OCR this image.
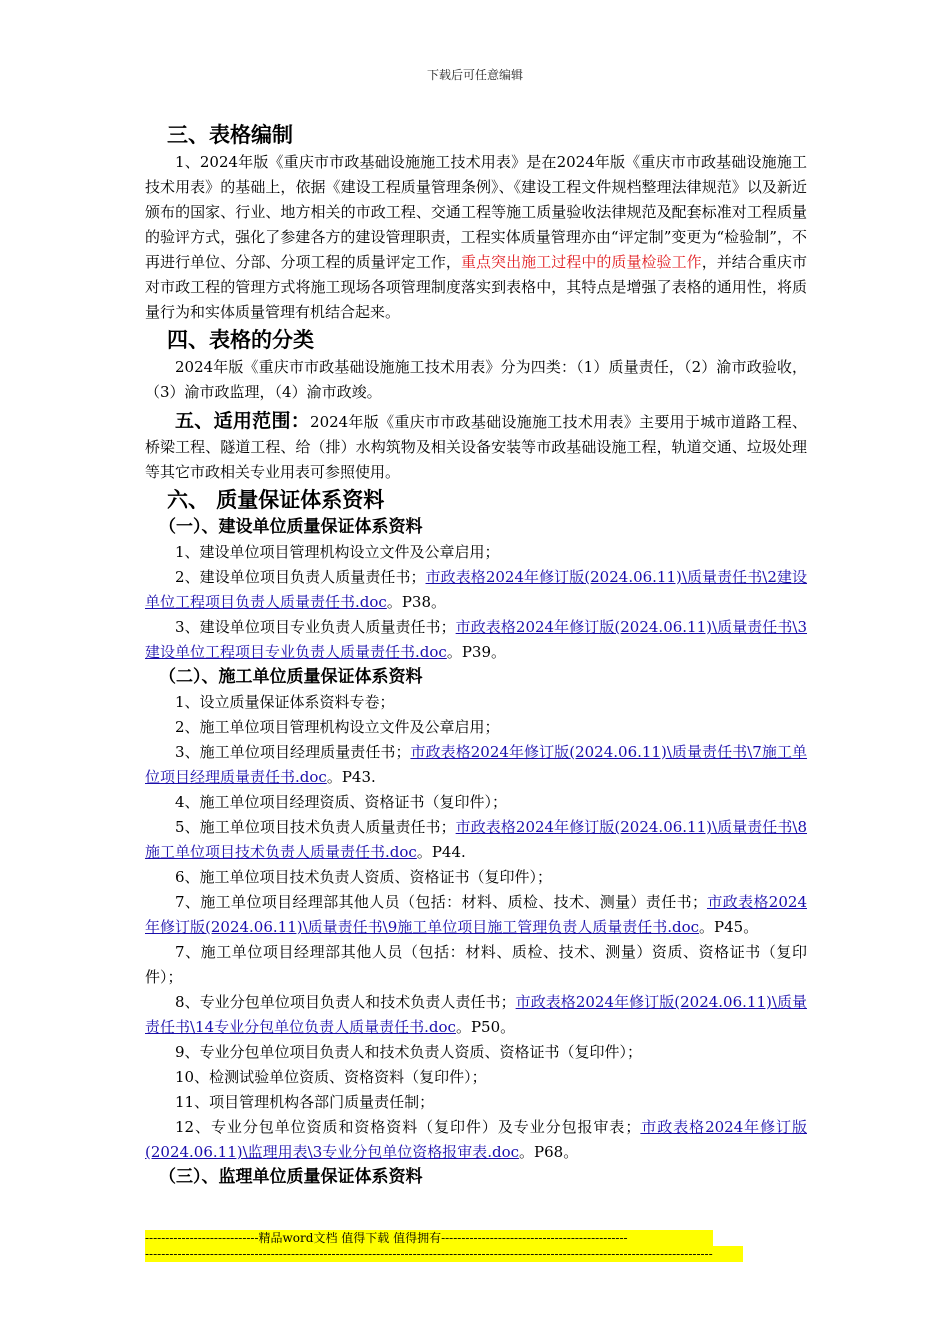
下载后可任意编辑
三、表格编制

1、2024年版《重庆市市政基础设施施工技术用表》是在2024年版《重庆市市政基础设施施工技术用表》的基础上，依据《建设工程质量管理条例》、《建设工程文件规档整理法律规范》以及新近颁布的国家、行业、地方相关的市政工程、交通工程等施工质量验收法律规范及配套标准对工程质量的验评方式，强化了参建各方的建设管理职责，工程实体质量管理亦由“评定制”变更为“检验制”，不再进行单位、分部、分项工程的质量评定工作，重点突出施工过程中的质量检验工作，并结合重庆市对市政工程的管理方式将施工现场各项管理制度落实到表格中，其特点是增强了表格的通用性，将质量行为和实体质量管理有机结合起来。

四、表格的分类

2024年版《重庆市市政基础设施施工技术用表》分为四类：（1）质量责任，（2）渝市政验收，（3）渝市政监理，（4）渝市政竣。

五、适用范围：2024年版《重庆市市政基础设施施工技术用表》主要用于城市道路工程、桥梁工程、隧道工程、给（排）水构筑物及相关设备安装等市政基础设施工程，轨道交通、垃圾处理等其它市政相关专业用表可参照使用。

六、 质量保证体系资料
（一）、建设单位质量保证体系资料

1、建设单位项目管理机构设立文件及公章启用；

2、建设单位项目负责人质量责任书；市政表格2024年修订版(2024.06.11)\质量责任书\2建设单位工程项目负责人质量责任书.doc。P38。

3、建设单位项目专业负责人质量责任书；市政表格2024年修订版(2024.06.11)\质量责任书\3建设单位工程项目专业负责人质量责任书.doc。P39。

（二）、施工单位质量保证体系资料

1、设立质量保证体系资料专卷；

2、施工单位项目管理机构设立文件及公章启用；

3、施工单位项目经理质量责任书；市政表格2024年修订版(2024.06.11)\质量责任书\7施工单位项目经理质量责任书.doc。P43.

4、施工单位项目经理资质、资格证书（复印件）；

5、施工单位项目技术负责人质量责任书；市政表格2024年修订版(2024.06.11)\质量责任书\8施工单位项目技术负责人质量责任书.doc。P44.

6、施工单位项目技术负责人资质、资格证书（复印件）；

7、施工单位项目经理部其他人员（包括：材料、质检、技术、测量）责任书；市政表格2024年修订版(2024.06.11)\质量责任书\9施工单位项目施工管理负责人质量责任书.doc。P45。

7、施工单位项目经理部其他人员（包括：材料、质检、技术、测量）资质、资格证书（复印件）；

8、专业分包单位项目负责人和技术负责人责任书；市政表格2024年修订版(2024.06.11)\质量责任书\14专业分包单位负责人质量责任书.doc。P50。

9、专业分包单位项目负责人和技术负责人资质、资格证书（复印件）；

10、检测试验单位资质、资格资料（复印件）；

11、项目管理机构各部门质量责任制；

12、专业分包单位资质和资格资料（复印件）及专业分包报审表；市政表格2024年修订版(2024.06.11)\监理用表\3专业分包单位资格报审表.doc。P68。

（三）、监理单位质量保证体系资料
----------------------------精品word文档 值得下载 值得拥有----------------------------------------------
--------------------------------------------------------------------------------------------------------------------------------------------
